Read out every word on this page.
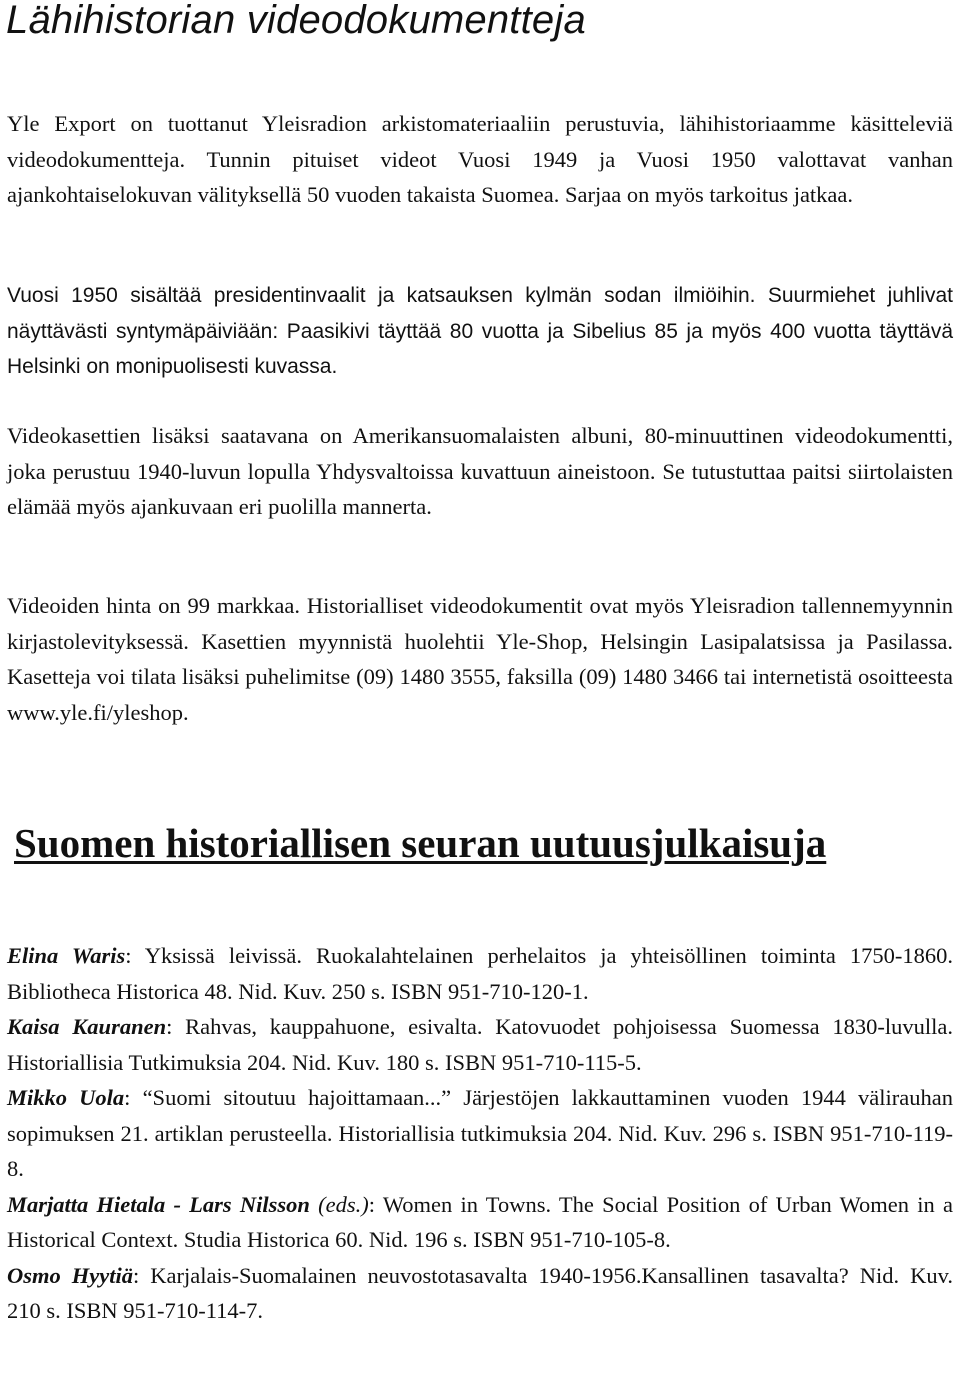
Lähihistorian videodokumentteja

Yle Export on tuottanut Yleisradion arkistomateriaaliin perustuvia, lähihistoriaamme käsitteleviä videodokumentteja. Tunnin pituiset videot Vuosi 1949 ja Vuosi 1950 valottavat vanhan ajankohtaiselokuvan välityksellä 50 vuoden takaista Suomea. Sarjaa on myös tarkoitus jatkaa.

Vuosi 1950 sisältää presidentinvaalit ja katsauksen kylmän sodan ilmiöihin. Suurmiehet juhlivat näyttävästi syntymäpäiviään: Paasikivi täyttää 80 vuotta ja Sibelius 85 ja myös 400 vuotta täyttävä Helsinki on monipuolisesti kuvassa.

Videokasettien lisäksi saatavana on Amerikansuomalaisten albuni, 80-minuuttinen videodokumentti, joka perustuu 1940-luvun lopulla Yhdysvaltoissa kuvattuun aineistoon. Se tutustuttaa paitsi siirtolaisten elämää myös ajankuvaan eri puolilla mannerta.

Videoiden hinta on 99 markkaa. Historialliset videodokumentit ovat myös Yleisradion tallennemyynnin kirjastolevityksessä. Kasettien myynnistä huolehtii Yle-Shop, Helsingin Lasipalatsissa ja Pasilassa. Kasetteja voi tilata lisäksi puhelimitse (09) 1480 3555, faksilla (09) 1480 3466 tai internetistä osoitteesta www.yle.fi/yleshop.

Suomen historiallisen seuran uutuusjulkaisuja
Elina Waris: Yksissä leivissä. Ruokalahtelainen perhelaitos ja yhteisöllinen toiminta 1750-1860. Bibliotheca Historica 48. Nid. Kuv. 250 s. ISBN 951-710-120-1.
Kaisa Kauranen: Rahvas, kauppahuone, esivalta. Katovuodet pohjoisessa Suomessa 1830-luvulla. Historiallisia Tutkimuksia 204. Nid. Kuv. 180 s. ISBN 951-710-115-5.
Mikko Uola: “Suomi sitoutuu hajoittamaan...” Järjestöjen lakkauttaminen vuoden 1944 välirauhan sopimuksen 21. artiklan perusteella. Historiallisia tutkimuksia 204. Nid. Kuv. 296 s. ISBN 951-710-119-8.
Marjatta Hietala - Lars Nilsson (eds.): Women in Towns. The Social Position of Urban Women in a Historical Context. Studia Historica 60. Nid. 196 s. ISBN 951-710-105-8.
Osmo Hyytiä: Karjalais-Suomalainen neuvostotasavalta 1940-1956.Kansallinen tasavalta? Nid. Kuv. 210 s. ISBN 951-710-114-7.
